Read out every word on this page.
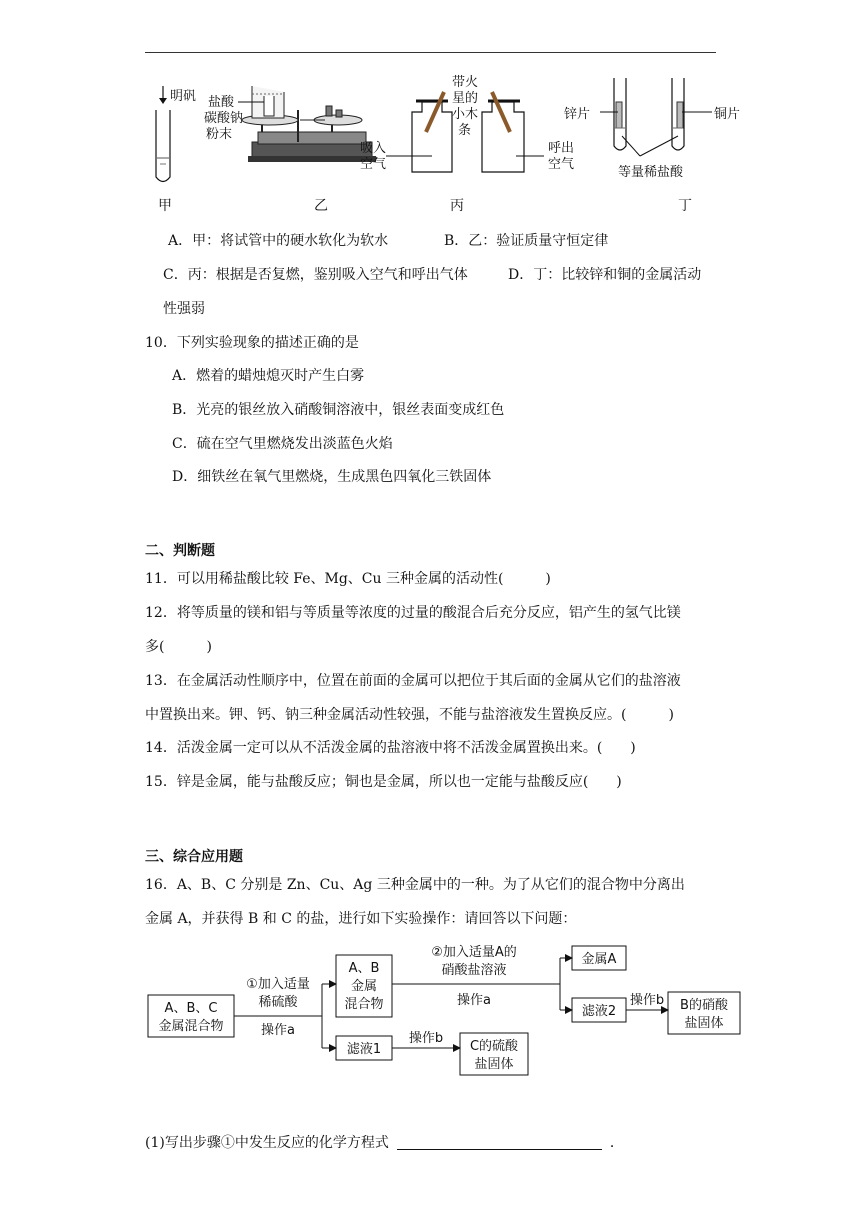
明矾 盐酸
碳酸钠
粉末
带火
星的
小木
条
吸入
空气
呼出
空气
锌片	铜片
等量稀盐酸
甲	乙	丙	丁
A．甲：将试管中的硬水软化为软水	B．乙：验证质量守恒定律
C．丙：根据是否复燃，鉴别吸入空气和呼出气体	D．丁：比较锌和铜的金属活动
性强弱
10．下列实验现象的描述正确的是
A．燃着的蜡烛熄灭时产生白雾
B．光亮的银丝放入硝酸铜溶液中，银丝表面变成红色
C．硫在空气里燃烧发出淡蓝色火焰
D．细铁丝在氧气里燃烧，生成黑色四氧化三铁固体
二、判断题
11．可以用稀盐酸比较 Fe、Mg、Cu 三种金属的活动性(　　　)
12．将等质量的镁和铝与等质量等浓度的过量的酸混合后充分反应，铝产生的氢气比镁
多(　　　)
13．在金属活动性顺序中，位置在前面的金属可以把位于其后面的金属从它们的盐溶液
中置换出来。钾、钙、钠三种金属活动性较强，不能与盐溶液发生置换反应。(　　　)
14．活泼金属一定可以从不活泼金属的盐溶液中将不活泼金属置换出来。(　　)
15．锌是金属，能与盐酸反应；铜也是金属，所以也一定能与盐酸反应(　　)
三、综合应用题
16．A、B、C 分别是 Zn、Cu、Ag 三种金属中的一种。为了从它们的混合物中分离出
金属 A，并获得 B 和 C 的盐，进行如下实验操作：请回答以下问题：
A、B、C
金属混合物
①加入适量
稀硫酸
操作a
A、B
金属
混合物
②加入适量A的
硝酸盐溶液
操作a
金属A
滤液2
操作b B的硝酸
盐固体
滤液1
操作b
C的硫酸
盐固体
(1)写出步骤①中发生反应的化学方程式	．
